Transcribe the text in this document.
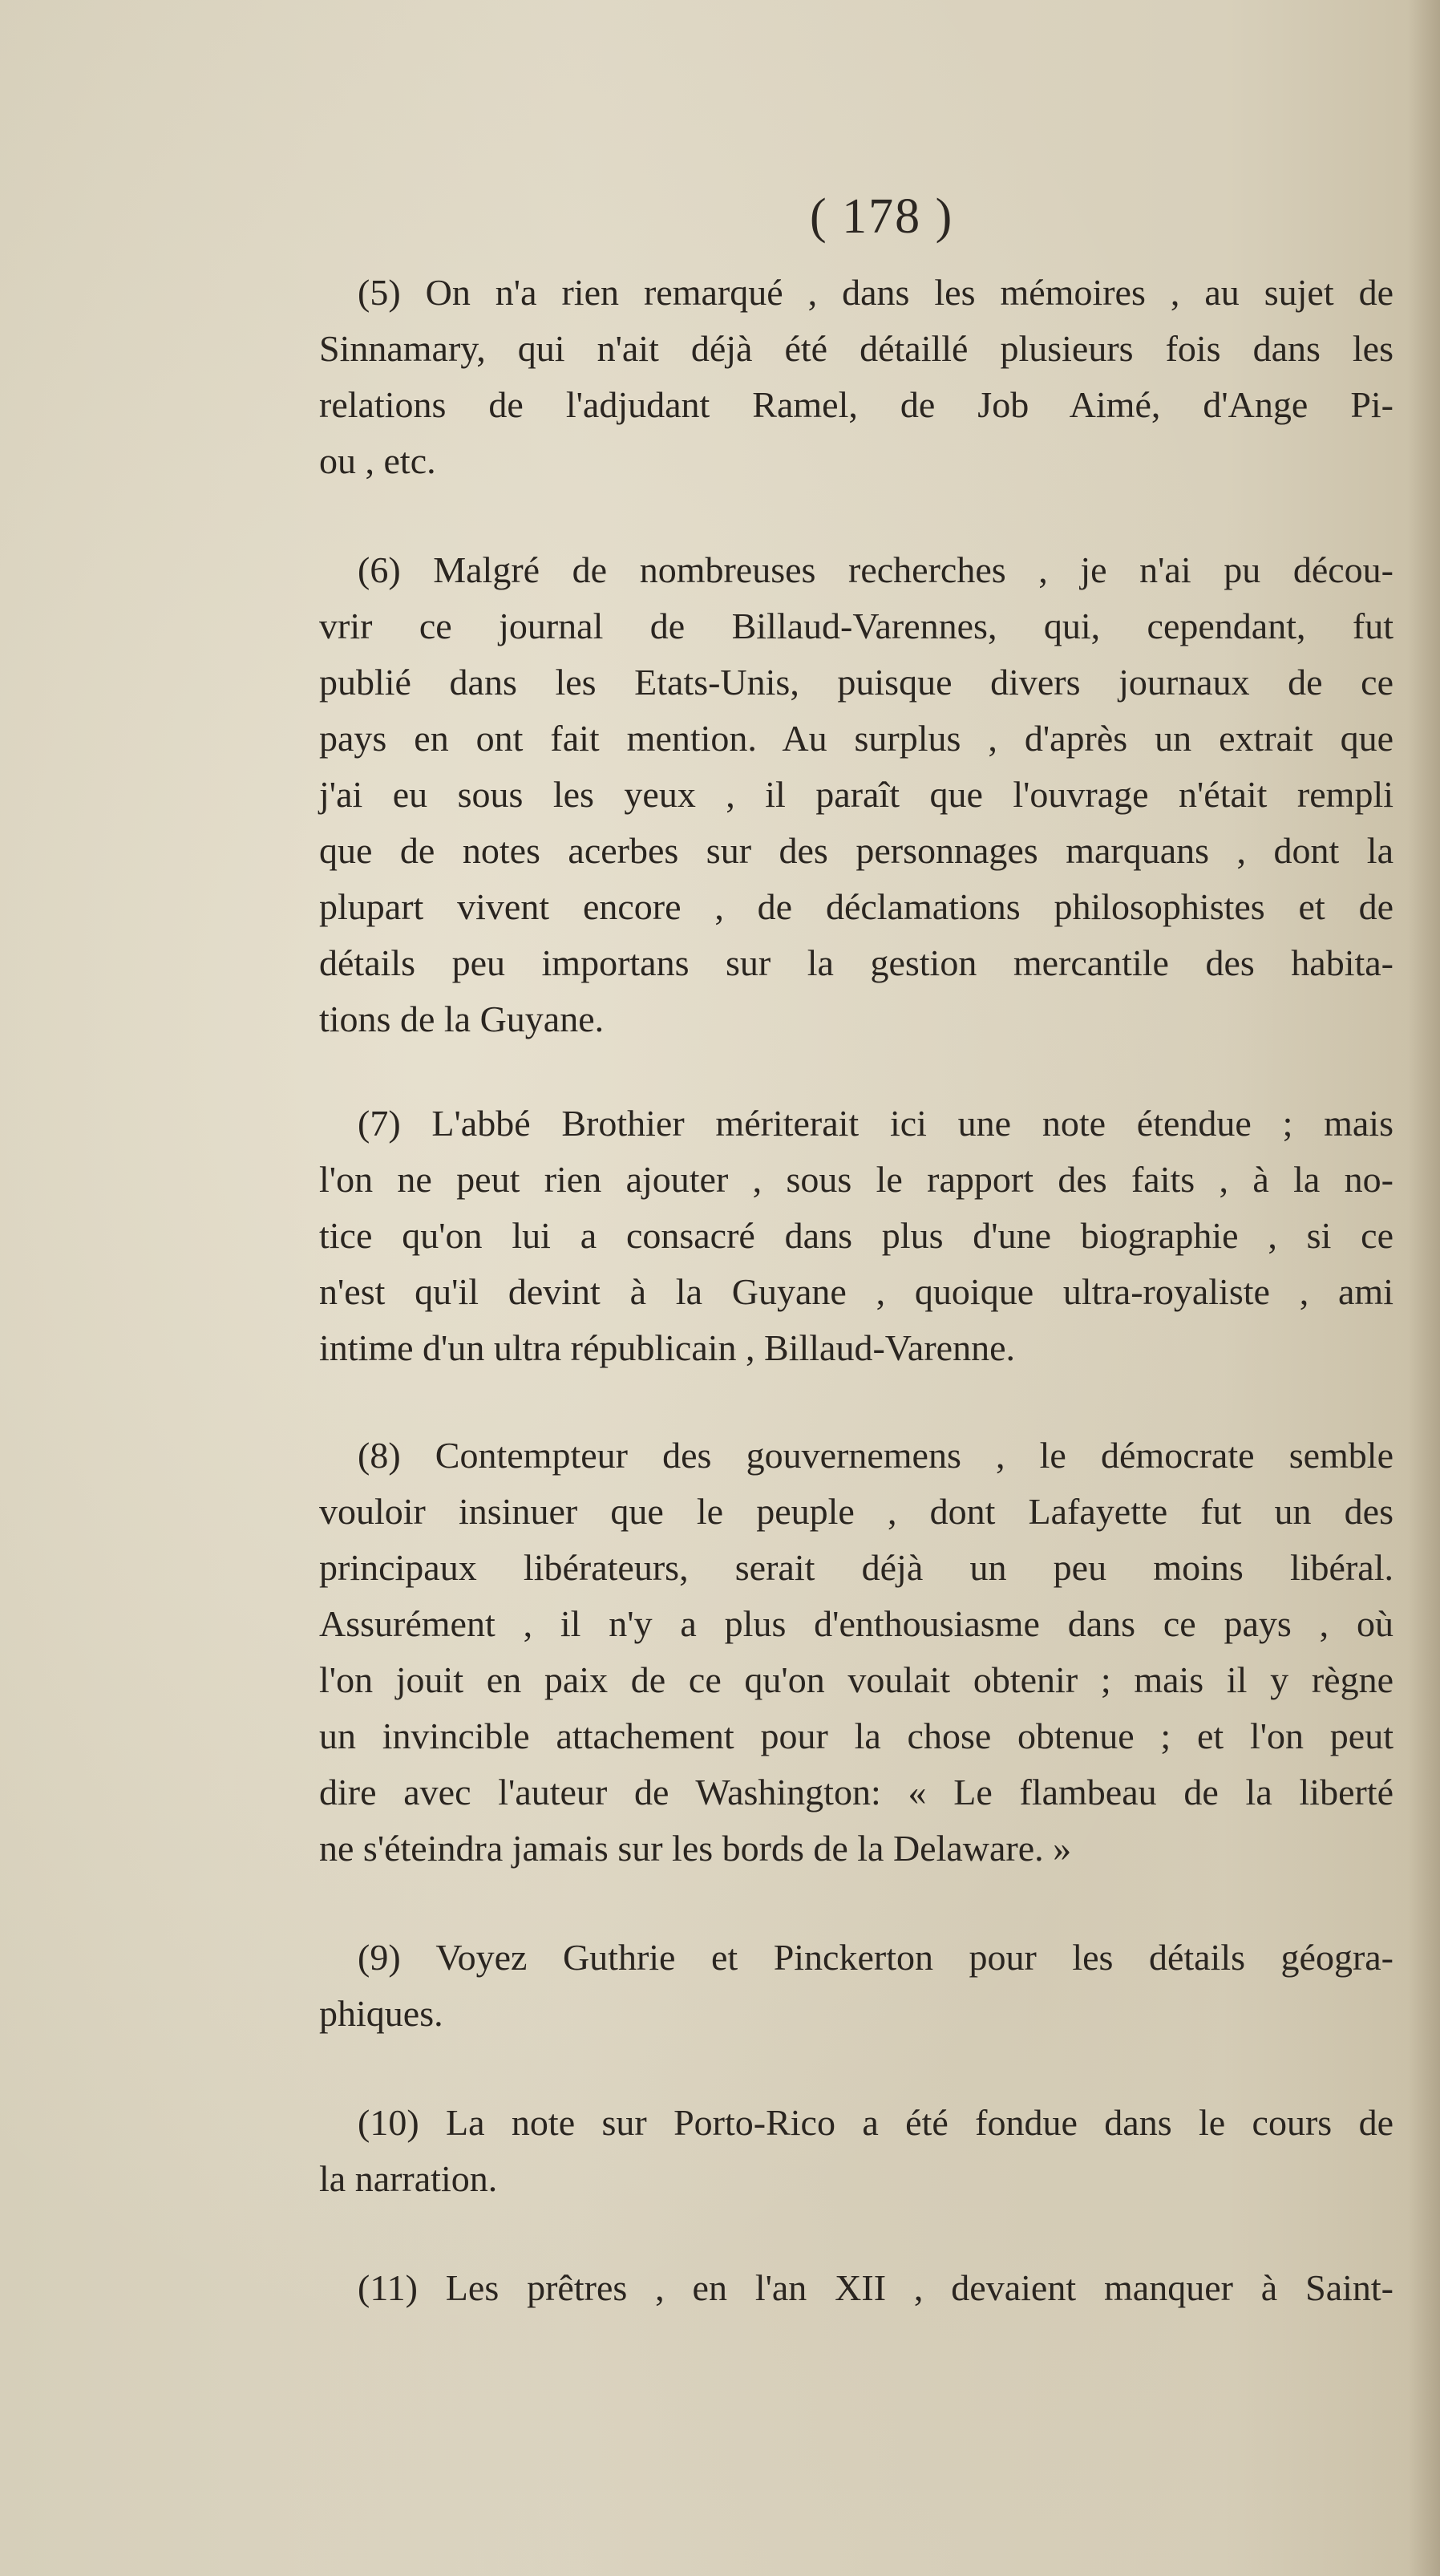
( 178 )
(5) On n'a rien remarqué , dans les mémoires , au sujet de
Sinnamary, qui n'ait déjà été détaillé plusieurs fois dans les
relations de l'adjudant Ramel, de Job Aimé, d'Ange Pi-
ou , etc.
(6) Malgré de nombreuses recherches , je n'ai pu décou-
vrir ce journal de Billaud-Varennes, qui, cependant, fut
publié dans les Etats-Unis, puisque divers journaux de ce
pays en ont fait mention. Au surplus , d'après un extrait que
j'ai eu sous les yeux , il paraît que l'ouvrage n'était rempli
que de notes acerbes sur des personnages marquans , dont la
plupart vivent encore , de déclamations philosophistes et de
détails peu importans sur la gestion mercantile des habita-
tions de la Guyane.
(7) L'abbé Brothier mériterait ici une note étendue ; mais
l'on ne peut rien ajouter , sous le rapport des faits , à la no-
tice qu'on lui a consacré dans plus d'une biographie , si ce
n'est qu'il devint à la Guyane , quoique ultra-royaliste , ami
intime d'un ultra républicain , Billaud-Varenne.
(8) Contempteur des gouvernemens , le démocrate semble
vouloir insinuer que le peuple , dont Lafayette fut un des
principaux libérateurs, serait déjà un peu moins libéral.
Assurément , il n'y a plus d'enthousiasme dans ce pays , où
l'on jouit en paix de ce qu'on voulait obtenir ; mais il y règne
un invincible attachement pour la chose obtenue ; et l'on peut
dire avec l'auteur de Washington: « Le flambeau de la liberté
ne s'éteindra jamais sur les bords de la Delaware. »
(9) Voyez Guthrie et Pinckerton pour les détails géogra-
phiques.
(10) La note sur Porto-Rico a été fondue dans le cours de
la narration.
(11) Les prêtres , en l'an XII , devaient manquer à Saint-
